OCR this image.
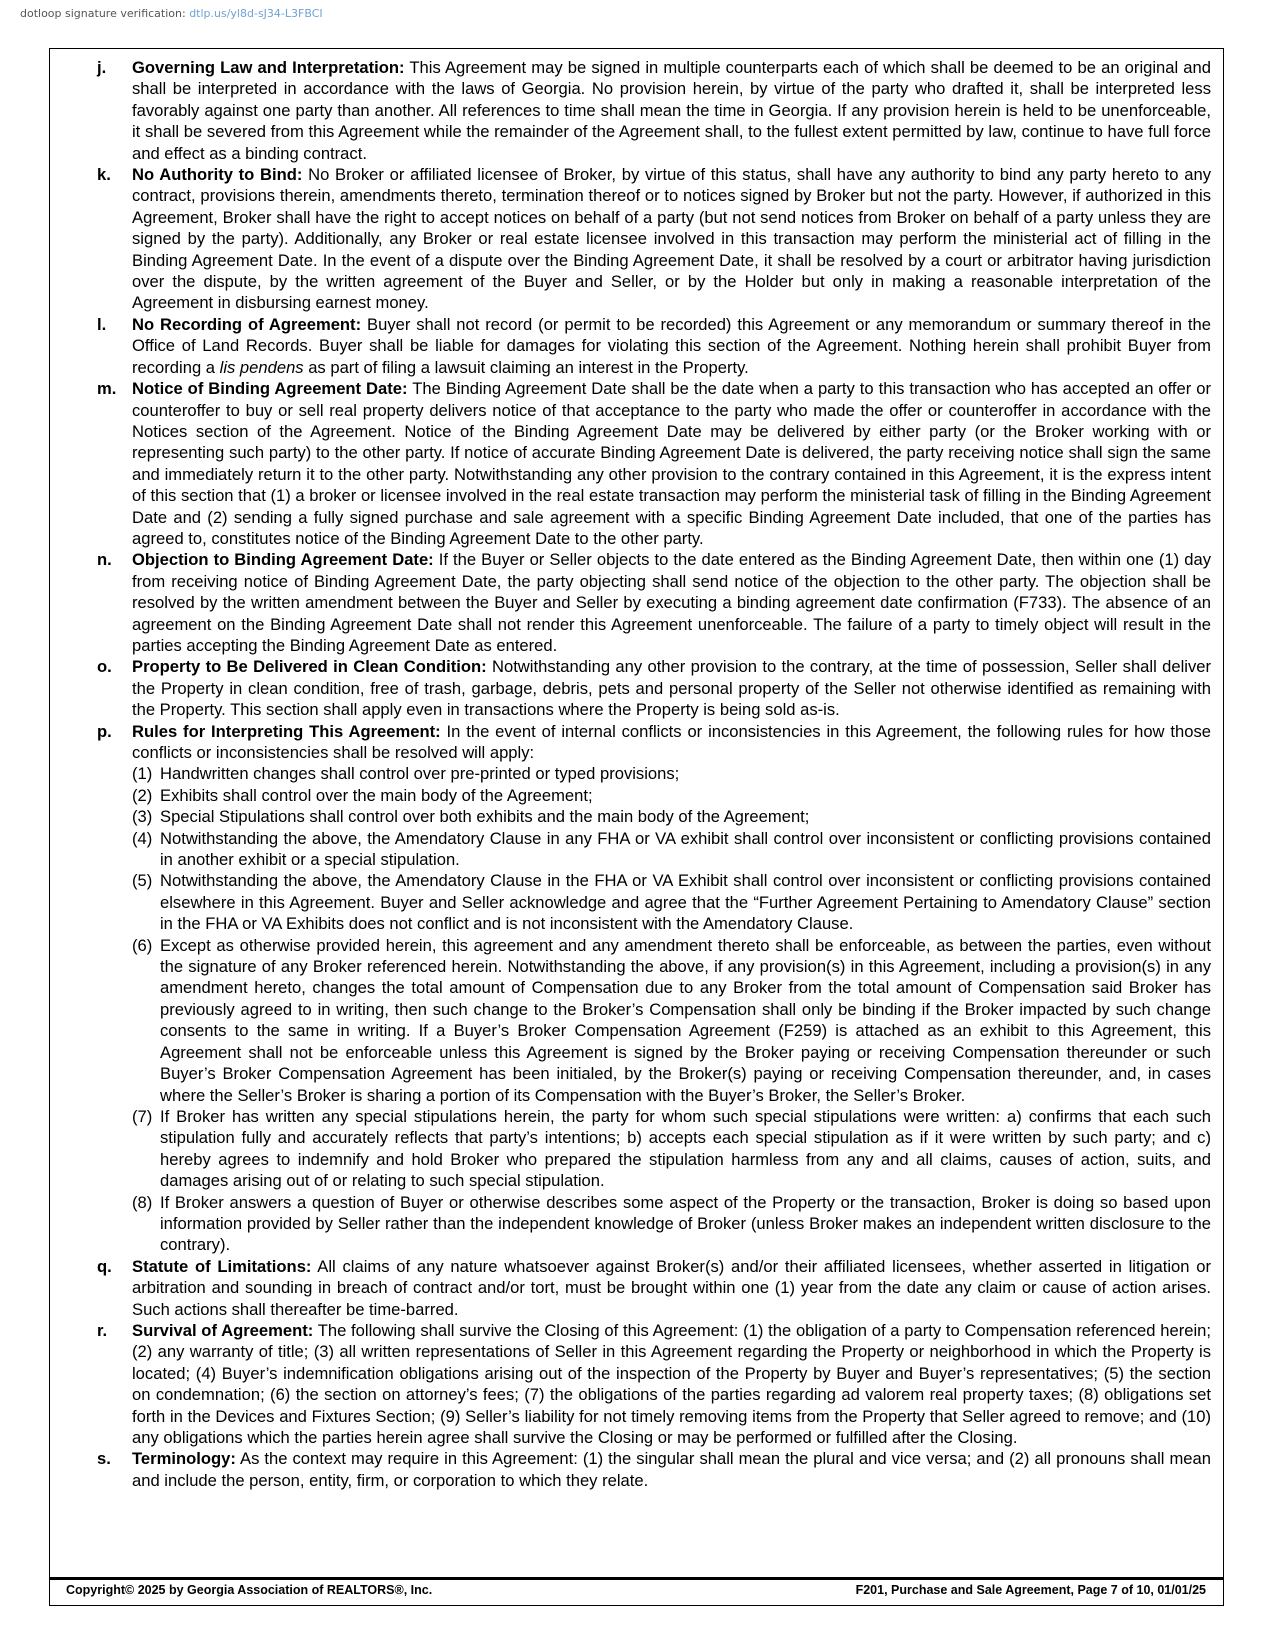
dotloop signature verification: dtlp.us/yl8d-sJ34-L3FBCI

j. Governing Law and Interpretation: This Agreement may be signed in multiple counterparts each of which shall be deemed to be an original and shall be interpreted in accordance with the laws of Georgia. No provision herein, by virtue of the party who drafted it, shall be interpreted less favorably against one party than another. All references to time shall mean the time in Georgia. If any provision herein is held to be unenforceable, it shall be severed from this Agreement while the remainder of the Agreement shall, to the fullest extent permitted by law, continue to have full force and effect as a binding contract.

k. No Authority to Bind: No Broker or affiliated licensee of Broker, by virtue of this status, shall have any authority to bind any party hereto to any contract, provisions therein, amendments thereto, termination thereof or to notices signed by Broker but not the party. However, if authorized in this Agreement, Broker shall have the right to accept notices on behalf of a party (but not send notices from Broker on behalf of a party unless they are signed by the party). Additionally, any Broker or real estate licensee involved in this transaction may perform the ministerial act of filling in the Binding Agreement Date. In the event of a dispute over the Binding Agreement Date, it shall be resolved by a court or arbitrator having jurisdiction over the dispute, by the written agreement of the Buyer and Seller, or by the Holder but only in making a reasonable interpretation of the Agreement in disbursing earnest money.

l. No Recording of Agreement: Buyer shall not record (or permit to be recorded) this Agreement or any memorandum or summary thereof in the Office of Land Records. Buyer shall be liable for damages for violating this section of the Agreement. Nothing herein shall prohibit Buyer from recording a lis pendens as part of filing a lawsuit claiming an interest in the Property.

m. Notice of Binding Agreement Date: The Binding Agreement Date shall be the date when a party to this transaction who has accepted an offer or counteroffer to buy or sell real property delivers notice of that acceptance to the party who made the offer or counteroffer in accordance with the Notices section of the Agreement. Notice of the Binding Agreement Date may be delivered by either party (or the Broker working with or representing such party) to the other party. If notice of accurate Binding Agreement Date is delivered, the party receiving notice shall sign the same and immediately return it to the other party. Notwithstanding any other provision to the contrary contained in this Agreement, it is the express intent of this section that (1) a broker or licensee involved in the real estate transaction may perform the ministerial task of filling in the Binding Agreement Date and (2) sending a fully signed purchase and sale agreement with a specific Binding Agreement Date included, that one of the parties has agreed to, constitutes notice of the Binding Agreement Date to the other party.

n. Objection to Binding Agreement Date: If the Buyer or Seller objects to the date entered as the Binding Agreement Date, then within one (1) day from receiving notice of Binding Agreement Date, the party objecting shall send notice of the objection to the other party. The objection shall be resolved by the written amendment between the Buyer and Seller by executing a binding agreement date confirmation (F733). The absence of an agreement on the Binding Agreement Date shall not render this Agreement unenforceable. The failure of a party to timely object will result in the parties accepting the Binding Agreement Date as entered.

o. Property to Be Delivered in Clean Condition: Notwithstanding any other provision to the contrary, at the time of possession, Seller shall deliver the Property in clean condition, free of trash, garbage, debris, pets and personal property of the Seller not otherwise identified as remaining with the Property. This section shall apply even in transactions where the Property is being sold as-is.

p. Rules for Interpreting This Agreement: In the event of internal conflicts or inconsistencies in this Agreement, the following rules for how those conflicts or inconsistencies shall be resolved will apply:

(1) Handwritten changes shall control over pre-printed or typed provisions;

(2) Exhibits shall control over the main body of the Agreement;

(3) Special Stipulations shall control over both exhibits and the main body of the Agreement;

(4) Notwithstanding the above, the Amendatory Clause in any FHA or VA exhibit shall control over inconsistent or conflicting provisions contained in another exhibit or a special stipulation.

(5) Notwithstanding the above, the Amendatory Clause in the FHA or VA Exhibit shall control over inconsistent or conflicting provisions contained elsewhere in this Agreement. Buyer and Seller acknowledge and agree that the “Further Agreement Pertaining to Amendatory Clause” section in the FHA or VA Exhibits does not conflict and is not inconsistent with the Amendatory Clause.

(6) Except as otherwise provided herein, this agreement and any amendment thereto shall be enforceable, as between the parties, even without the signature of any Broker referenced herein. Notwithstanding the above, if any provision(s) in this Agreement, including a provision(s) in any amendment hereto, changes the total amount of Compensation due to any Broker from the total amount of Compensation said Broker has previously agreed to in writing, then such change to the Broker’s Compensation shall only be binding if the Broker impacted by such change consents to the same in writing. If a Buyer’s Broker Compensation Agreement (F259) is attached as an exhibit to this Agreement, this Agreement shall not be enforceable unless this Agreement is signed by the Broker paying or receiving Compensation thereunder or such Buyer’s Broker Compensation Agreement has been initialed, by the Broker(s) paying or receiving Compensation thereunder, and, in cases where the Seller’s Broker is sharing a portion of its Compensation with the Buyer’s Broker, the Seller’s Broker.

(7) If Broker has written any special stipulations herein, the party for whom such special stipulations were written: a) confirms that each such stipulation fully and accurately reflects that party’s intentions; b) accepts each special stipulation as if it were written by such party; and c) hereby agrees to indemnify and hold Broker who prepared the stipulation harmless from any and all claims, causes of action, suits, and damages arising out of or relating to such special stipulation.

(8) If Broker answers a question of Buyer or otherwise describes some aspect of the Property or the transaction, Broker is doing so based upon information provided by Seller rather than the independent knowledge of Broker (unless Broker makes an independent written disclosure to the contrary).

q. Statute of Limitations: All claims of any nature whatsoever against Broker(s) and/or their affiliated licensees, whether asserted in litigation or arbitration and sounding in breach of contract and/or tort, must be brought within one (1) year from the date any claim or cause of action arises. Such actions shall thereafter be time-barred.

r. Survival of Agreement: The following shall survive the Closing of this Agreement: (1) the obligation of a party to Compensation referenced herein; (2) any warranty of title; (3) all written representations of Seller in this Agreement regarding the Property or neighborhood in which the Property is located; (4) Buyer’s indemnification obligations arising out of the inspection of the Property by Buyer and Buyer’s representatives; (5) the section on condemnation; (6) the section on attorney’s fees; (7) the obligations of the parties regarding ad valorem real property taxes; (8) obligations set forth in the Devices and Fixtures Section; (9) Seller’s liability for not timely removing items from the Property that Seller agreed to remove; and (10) any obligations which the parties herein agree shall survive the Closing or may be performed or fulfilled after the Closing.

s. Terminology: As the context may require in this Agreement: (1) the singular shall mean the plural and vice versa; and (2) all pronouns shall mean and include the person, entity, firm, or corporation to which they relate.

Copyright© 2025 by Georgia Association of REALTORS®, Inc.	F201, Purchase and Sale Agreement, Page 7 of 10, 01/01/25
